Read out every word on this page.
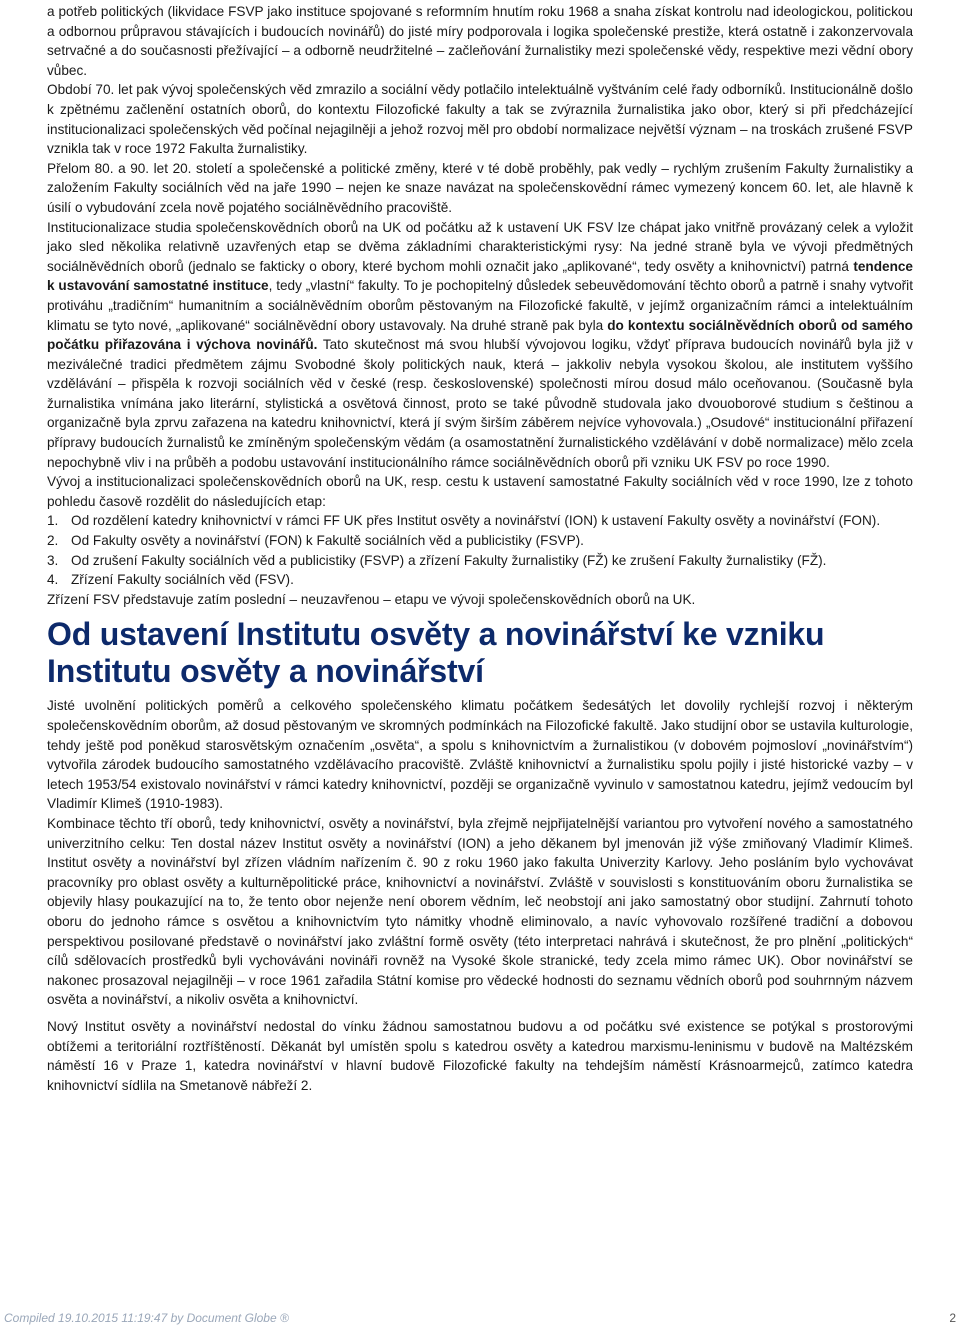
a potřeb politických (likvidace FSVP jako instituce spojované s reformním hnutím roku 1968 a snaha získat kontrolu nad ideologickou, politickou a odbornou průpravou stávajících i budoucích novinářů) do jisté míry podporovala i logika společenské prestiže, která ostatně i zakonzervovala setrvačné a do současnosti přežívající – a odborně neudržitelné – začleňování žurnalistiky mezi společenské vědy, respektive mezi vědní obory vůbec.

Období 70. let pak vývoj společenských věd zmrazilo a sociální vědy potlačilo intelektuálně vyštváním celé řady odborníků. Institucionálně došlo k zpětnému začlenění ostatních oborů, do kontextu Filozofické fakulty a tak se zvýraznila žurnalistika jako obor, který si při předcházející institucionalizaci společenských věd počínal nejagilněji a jehož rozvoj měl pro období normalizace největší význam – na troskách zrušené FSVP vznikla tak v roce 1972 Fakulta žurnalistiky.

Přelom 80. a 90. let 20. století a společenské a politické změny, které v té době proběhly, pak vedly – rychlým zrušením Fakulty žurnalistiky a založením Fakulty sociálních věd na jaře 1990 – nejen ke snaze navázat na společenskovědní rámec vymezený koncem 60. let, ale hlavně k úsilí o vybudování zcela nově pojatého sociálněvědního pracoviště.

Institucionalizace studia společenskovědních oborů na UK od počátku až k ustavení UK FSV lze chápat jako vnitřně provázaný celek a vyložit jako sled několika relativně uzavřených etap se dvěma základními charakteristickými rysy: Na jedné straně byla ve vývoji předmětných sociálněvědních oborů (jednalo se fakticky o obory, které bychom mohli označit jako „aplikované“, tedy osvěty a knihovnictví) patrná tendence k ustavování samostatné instituce, tedy „vlastní“ fakulty. To je pochopitelný důsledek sebeuvědomování těchto oborů a patrně i snahy vytvořit protiváhu „tradičním“ humanitním a sociálněvědním oborům pěstovaným na Filozofické fakultě, v jejímž organizačním rámci a intelektuálním klimatu se tyto nové, „aplikované“ sociálněvědní obory ustavovaly. Na druhé straně pak byla do kontextu sociálněvědních oborů od samého počátku přiřazována i výchova novinářů. Tato skutečnost má svou hlubší vývojovou logiku, vždyť příprava budoucích novinářů byla již v meziválečné tradici předmětem zájmu Svobodné školy politických nauk, která – jakkoliv nebyla vysokou školou, ale institutem vyššího vzdělávání – přispěla k rozvoji sociálních věd v české (resp. československé) společnosti mírou dosud málo oceňovanou. (Současně byla žurnalistika vnímána jako literární, stylistická a osvětová činnost, proto se také původně studovala jako dvouoborové studium s češtinou a organizačně byla zprvu zařazena na katedru knihovnictví, která jí svým širším záběrem nejvíce vyhovovala.) „Osudové“ institucionální přiřazení přípravy budoucích žurnalistů ke zmíněným společenským vědám (a osamostatnění žurnalistického vzdělávání v době normalizace) mělo zcela nepochybně vliv i na průběh a podobu ustavování institucionálního rámce sociálněvědních oborů při vzniku UK FSV po roce 1990.

Vývoj a institucionalizaci společenskovědních oborů na UK, resp. cestu k ustavení samostatné Fakulty sociálních věd v roce 1990, lze z tohoto pohledu časově rozdělit do následujících etap:

1. Od rozdělení katedry knihovnictví v rámci FF UK přes Institut osvěty a novinářství (ION) k ustavení Fakulty osvěty a novinářství (FON).
2. Od Fakulty osvěty a novinářství (FON) k Fakultě sociálních věd a publicistiky (FSVP).
3. Od zrušení Fakulty sociálních věd a publicistiky (FSVP) a zřízení Fakulty žurnalistiky (FŽ) ke zrušení Fakulty žurnalistiky (FŽ).
4. Zřízení Fakulty sociálních věd (FSV).

Zřízení FSV představuje zatím poslední – neuzavřenou – etapu ve vývoji společenskovědních oborů na UK.

Od ustavení Institutu osvěty a novinářství ke vzniku Institutu osvěty a novinářství

Jisté uvolnění politických poměrů a celkového společenského klimatu počátkem šedesátých let dovolily rychlejší rozvoj i některým společenskovědním oborům, až dosud pěstovaným ve skromných podmínkách na Filozofické fakultě. Jako studijní obor se ustavila kulturologie, tehdy ještě pod poněkud starosvětským označením „osvěta“, a spolu s knihovnictvím a žurnalistikou (v dobovém pojmosloví „novinářstvím“) vytvořila zárodek budoucího samostatného vzdělávacího pracoviště. Zvláště knihovnictví a žurnalistiku spolu pojily i jisté historické vazby – v letech 1953/54 existovalo novinářství v rámci katedry knihovnictví, později se organizačně vyvinulo v samostatnou katedru, jejímž vedoucím byl Vladimír Klimeš (1910-1983).

Kombinace těchto tří oborů, tedy knihovnictví, osvěty a novinářství, byla zřejmě nejpřijatelnější variantou pro vytvoření nového a samostatného univerzitního celku: Ten dostal název Institut osvěty a novinářství (ION) a jeho děkanem byl jmenován již výše zmiňovaný Vladimír Klimeš. Institut osvěty a novinářství byl zřízen vládním nařízením č. 90 z roku 1960 jako fakulta Univerzity Karlovy. Jeho posláním bylo vychovávat pracovníky pro oblast osvěty a kulturněpolitické práce, knihovnictví a novinářství. Zvláště v souvislosti s konstituováním oboru žurnalistika se objevily hlasy poukazující na to, že tento obor nejenže není oborem vědním, leč neobstojí ani jako samostatný obor studijní. Zahrnutí tohoto oboru do jednoho rámce s osvětou a knihovnictvím tyto námitky vhodně eliminovalo, a navíc vyhovovalo rozšířené tradiční a dobovou perspektivou posilované představě o novinářství jako zvláštní formě osvěty (této interpretaci nahrává i skutečnost, že pro plnění „politických“ cílů sdělovacích prostředků byli vychováváni novináři rovněž na Vysoké škole stranické, tedy zcela mimo rámec UK). Obor novinářství se nakonec prosazoval nejagilněji – v roce 1961 zařadila Státní komise pro vědecké hodnosti do seznamu vědních oborů pod souhrnným názvem osvěta a novinářství, a nikoliv osvěta a knihovnictví.

Nový Institut osvěty a novinářství nedostal do vínku žádnou samostatnou budovu a od počátku své existence se potýkal s prostorovými obtížemi a teritoriální roztříštěností. Děkanát byl umístěn spolu s katedrou osvěty a katedrou marxismu-leninismu v budově na Maltézském náměstí 16 v Praze 1, katedra novinářství v hlavní budově Filozofické fakulty na tehdejším náměstí Krásnoarmejců, zatímco katedra knihovnictví sídlila na Smetanově nábřeží 2.

Compiled 19.10.2015 11:19:47 by Document Globe ®	2
